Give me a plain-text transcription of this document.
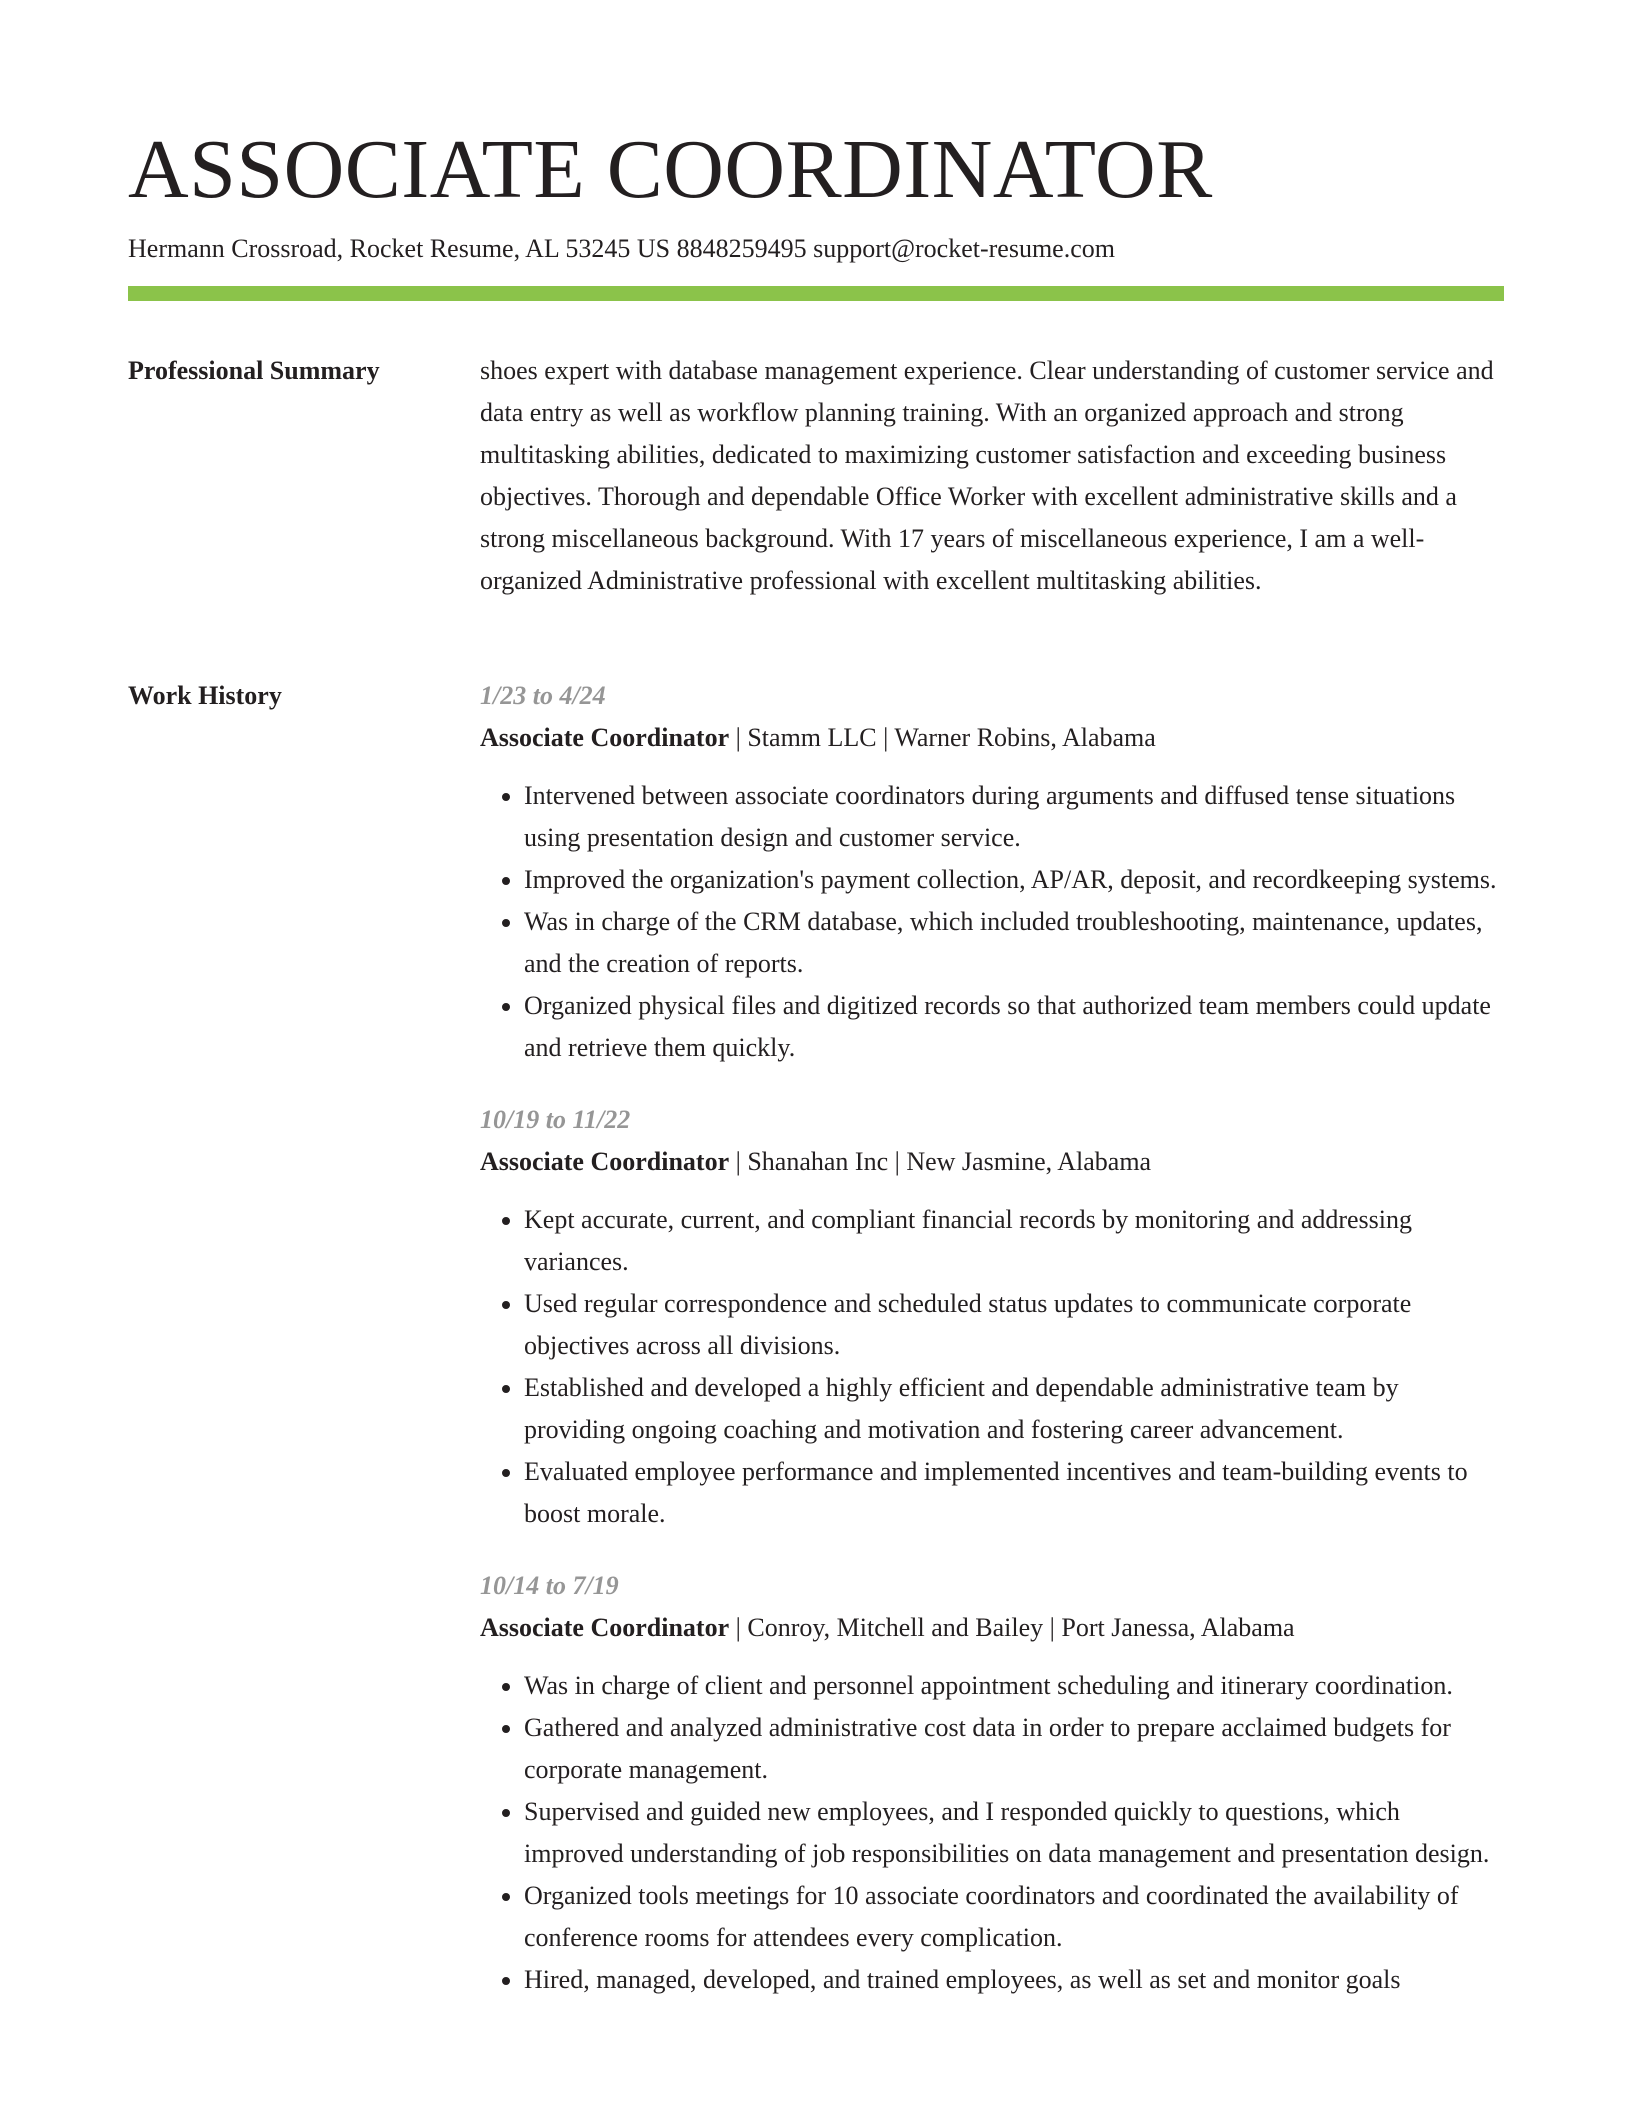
ASSOCIATE COORDINATOR
Hermann Crossroad, Rocket Resume, AL 53245 US 8848259495 support@rocket-resume.com
Professional Summary	shoes expert with database management experience. Clear understanding of customer service and data entry as well as workflow planning training. With an organized approach and strong multitasking abilities, dedicated to maximizing customer satisfaction and exceeding business objectives. Thorough and dependable Office Worker with excellent administrative skills and a strong miscellaneous background. With 17 years of miscellaneous experience, I am a well-organized Administrative professional with excellent multitasking abilities.

Work History	1/23 to 4/24
Associate Coordinator | Stamm LLC | Warner Robins, Alabama
• Intervened between associate coordinators during arguments and diffused tense situations using presentation design and customer service.
• Improved the organization's payment collection, AP/AR, deposit, and recordkeeping systems.
• Was in charge of the CRM database, which included troubleshooting, maintenance, updates, and the creation of reports.
• Organized physical files and digitized records so that authorized team members could update and retrieve them quickly.
10/19 to 11/22
Associate Coordinator | Shanahan Inc | New Jasmine, Alabama
• Kept accurate, current, and compliant financial records by monitoring and addressing variances.
• Used regular correspondence and scheduled status updates to communicate corporate objectives across all divisions.
• Established and developed a highly efficient and dependable administrative team by providing ongoing coaching and motivation and fostering career advancement.
• Evaluated employee performance and implemented incentives and team-building events to boost morale.
10/14 to 7/19
Associate Coordinator | Conroy, Mitchell and Bailey | Port Janessa, Alabama
• Was in charge of client and personnel appointment scheduling and itinerary coordination.
• Gathered and analyzed administrative cost data in order to prepare acclaimed budgets for corporate management.
• Supervised and guided new employees, and I responded quickly to questions, which improved understanding of job responsibilities on data management and presentation design.
• Organized tools meetings for 10 associate coordinators and coordinated the availability of conference rooms for attendees every complication.
• Hired, managed, developed, and trained employees, as well as set and monitor goals
